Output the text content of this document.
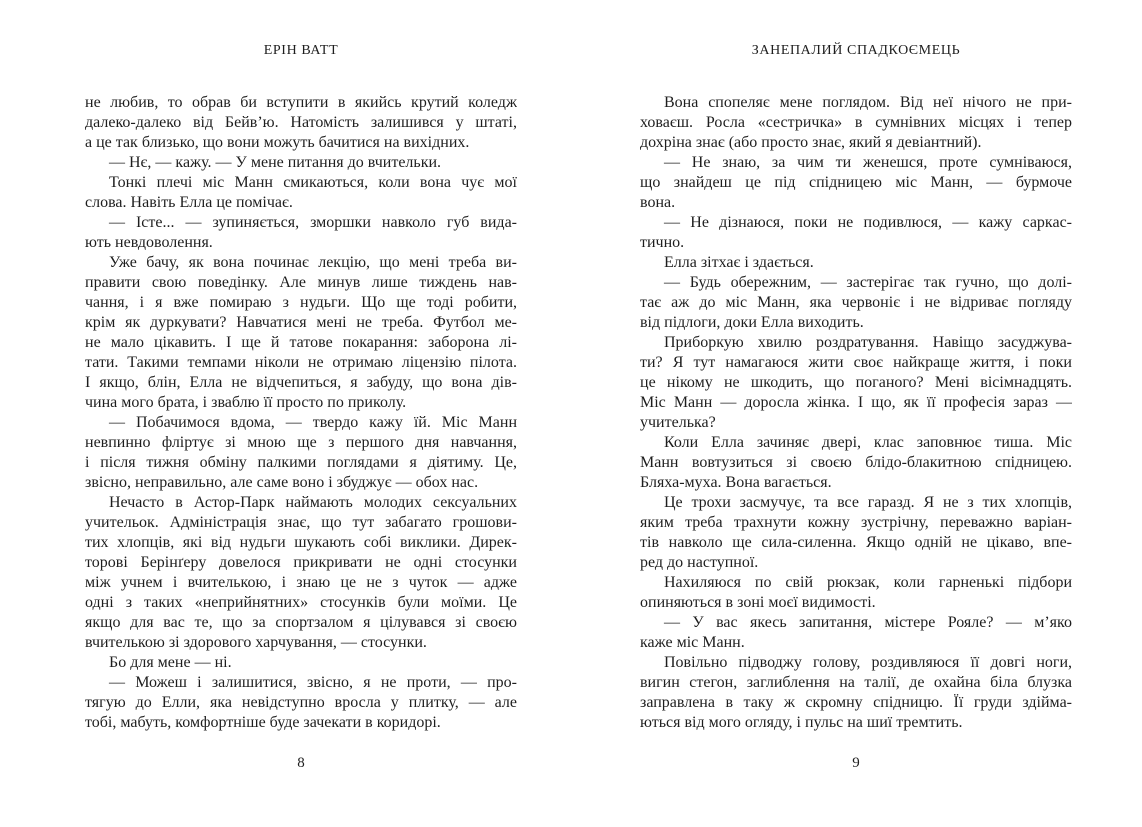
ЕРІН ВАТТ
не любив, то обрав би вступити в якийсь крутий коледж
далеко-далеко від Бейв’ю. Натомість залишився у штаті,
а це так близько, що вони можуть бачитися на вихідних.
— Нє, — кажу. — У мене питання до вчительки.
Тонкі плечі міс Манн смикаються, коли вона чує мої
слова. Навіть Елла це помічає.
— Істе... — зупиняється, зморшки навколо губ вида-
ють невдоволення.
Уже бачу, як вона починає лекцію, що мені треба ви-
правити свою поведінку. Але минув лише тиждень нав-
чання, і я вже помираю з нудьги. Що ще тоді робити,
крім як дуркувати? Навчатися мені не треба. Футбол ме-
не мало цікавить. І ще й татове покарання: заборона лі-
тати. Такими темпами ніколи не отримаю ліцензію пілота.
І якщо, блін, Елла не відчепиться, я забуду, що вона дів-
чина мого брата, і зваблю її просто по приколу.
— Побачимося вдома, — твердо кажу їй. Міс Манн
невпинно фліртує зі мною ще з першого дня навчання,
і після тижня обміну палкими поглядами я діятиму. Це,
звісно, неправильно, але саме воно і збуджує — обох нас.
Нечасто в Астор-Парк наймають молодих сексуальних
учительок. Адміністрація знає, що тут забагато грошови-
тих хлопців, які від нудьги шукають собі виклики. Дирек-
торові Берінґеру довелося прикривати не одні стосунки
між учнем і вчителькою, і знаю це не з чуток — адже
одні з таких «неприйнятних» стосунків були моїми. Це
якщо для вас те, що за спортзалом я цілувався зі своєю
вчителькою зі здорового харчування, — стосунки.
Бо для мене — ні.
— Можеш і залишитися, звісно, я не проти, — про-
тягую до Елли, яка невідступно вросла у плитку, — але
тобі, мабуть, комфортніше буде зачекати в коридорі.
8
ЗАНЕПАЛИЙ СПАДКОЄМЕЦЬ
Вона спопеляє мене поглядом. Від неї нічого не при-
ховаєш. Росла «сестричка» в сумнівних місцях і тепер
дохріна знає (або просто знає, який я девіантний).
— Не знаю, за чим ти женешся, проте сумніваюся,
що знайдеш це під спідницею міс Манн, — бурмоче
вона.
— Не дізнаюся, поки не подивлюся, — кажу саркас-
тично.
Елла зітхає і здається.
— Будь обережним, — застерігає так гучно, що долі-
тає аж до міс Манн, яка червоніє і не відриває погляду
від підлоги, доки Елла виходить.
Приборкую хвилю роздратування. Навіщо засуджува-
ти? Я тут намагаюся жити своє найкраще життя, і поки
це нікому не шкодить, що поганого? Мені вісімнадцять.
Міс Манн — доросла жінка. І що, як її професія зараз —
учителька?
Коли Елла зачиняє двері, клас заповнює тиша. Міс
Манн вовтузиться зі своєю блідо-блакитною спідницею.
Бляха-муха. Вона вагається.
Це трохи засмучує, та все гаразд. Я не з тих хлопців,
яким треба трахнути кожну зустрічну, переважно варіан-
тів навколо ще сила-силенна. Якщо одній не цікаво, впе-
ред до наступної.
Нахиляюся по свій рюкзак, коли гарненькі підбори
опиняються в зоні моєї видимості.
— У вас якесь запитання, містере Рояле? — м’яко
каже міс Манн.
Повільно підводжу голову, роздивляюся її довгі ноги,
вигин стегон, заглиблення на талії, де охайна біла блузка
заправлена в таку ж скромну спідницю. Її груди здійма-
ються від мого огляду, і пульс на шиї тремтить.
9
